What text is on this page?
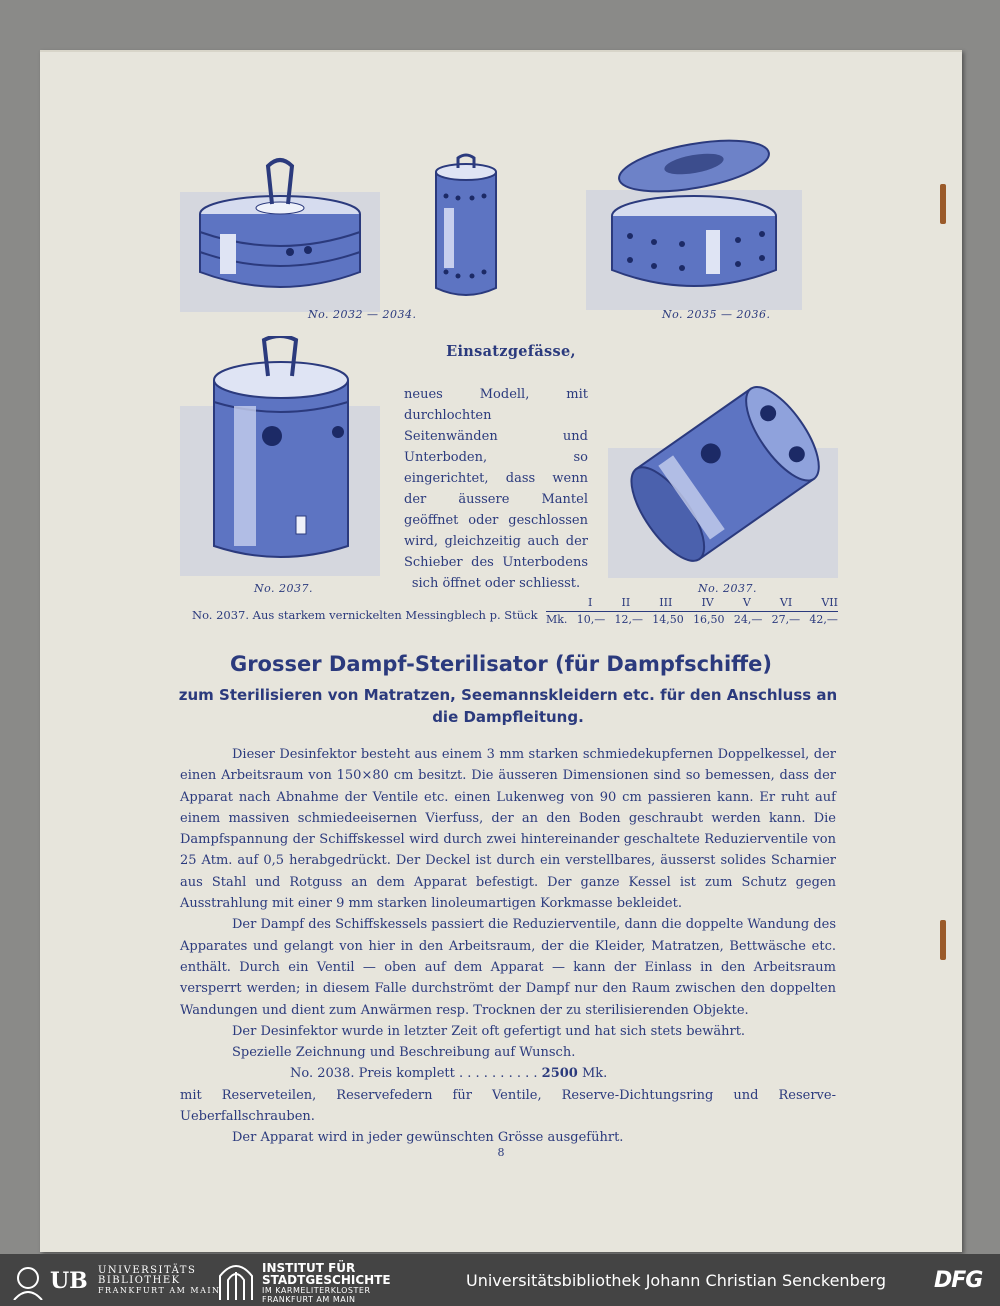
No. 2032 — 2034.	No. 2035 — 2036.
No. 2037.
Einsatzgefässe,
neues Modell, mit durchlochten Seitenwänden und Unterboden, so eingerichtet, dass wenn der äussere Mantel geöffnet oder geschlossen wird, gleichzeitig auch der Schieber des Unterbodens sich öffnet oder schliesst.	No. 2037.
No. 2037. Aus starkem vernickelten Messingblech p. Stück
I	II	III	IV	V	VI	VII
Mk. 10,— 12,— 14,50 16,50 24,— 27,— 42,—
Grosser Dampf-Sterilisator (für Dampfschiffe)
zum Sterilisieren von Matratzen, Seemannskleidern etc. für den Anschluss an die Dampfleitung.

Dieser Desinfektor besteht aus einem 3 mm starken schmiedekupfernen Doppelkessel, der einen Arbeitsraum von 150×80 cm besitzt. Die äusseren Dimensionen sind so bemessen, dass der Apparat nach Abnahme der Ventile etc. einen Lukenweg von 90 cm passieren kann. Er ruht auf einem massiven schmiedeeisernen Vierfuss, der an den Boden geschraubt werden kann. Die Dampfspannung der Schiffskessel wird durch zwei hintereinander geschaltete Reduzierventile von 25 Atm. auf 0,5 herabgedrückt. Der Deckel ist durch ein verstellbares, äusserst solides Scharnier aus Stahl und Rotguss an dem Apparat befestigt. Der ganze Kessel ist zum Schutz gegen Ausstrahlung mit einer 9 mm starken linoleumartigen Korkmasse bekleidet.

Der Dampf des Schiffskessels passiert die Reduzierventile, dann die doppelte Wandung des Apparates und gelangt von hier in den Arbeitsraum, der die Kleider, Matratzen, Bettwäsche etc. enthält. Durch ein Ventil — oben auf dem Apparat — kann der Einlass in den Arbeitsraum versperrt werden; in diesem Falle durchströmt der Dampf nur den Raum zwischen den doppelten Wandungen und dient zum Anwärmen resp. Trocknen der zu sterilisierenden Objekte.

Der Desinfektor wurde in letzter Zeit oft gefertigt und hat sich stets bewährt.

Spezielle Zeichnung und Beschreibung auf Wunsch.

No. 2038. Preis komplett . . . . . . . . . . 2500 Mk.
mit Reserveteilen, Reservefedern für Ventile, Reserve-Dichtungsring und Reserve-Ueberfallschrauben.

Der Apparat wird in jeder gewünschten Grösse ausgeführt.

8
UB UNIVERSITÄTS
BIBLIOTHEK
FRANKFURT AM MAIN
INSTITUT FÜR
STADTGESCHICHTE
IM KARMELITERKLOSTER
FRANKFURT AM MAIN
Universitätsbibliothek Johann Christian Senckenberg DFG
